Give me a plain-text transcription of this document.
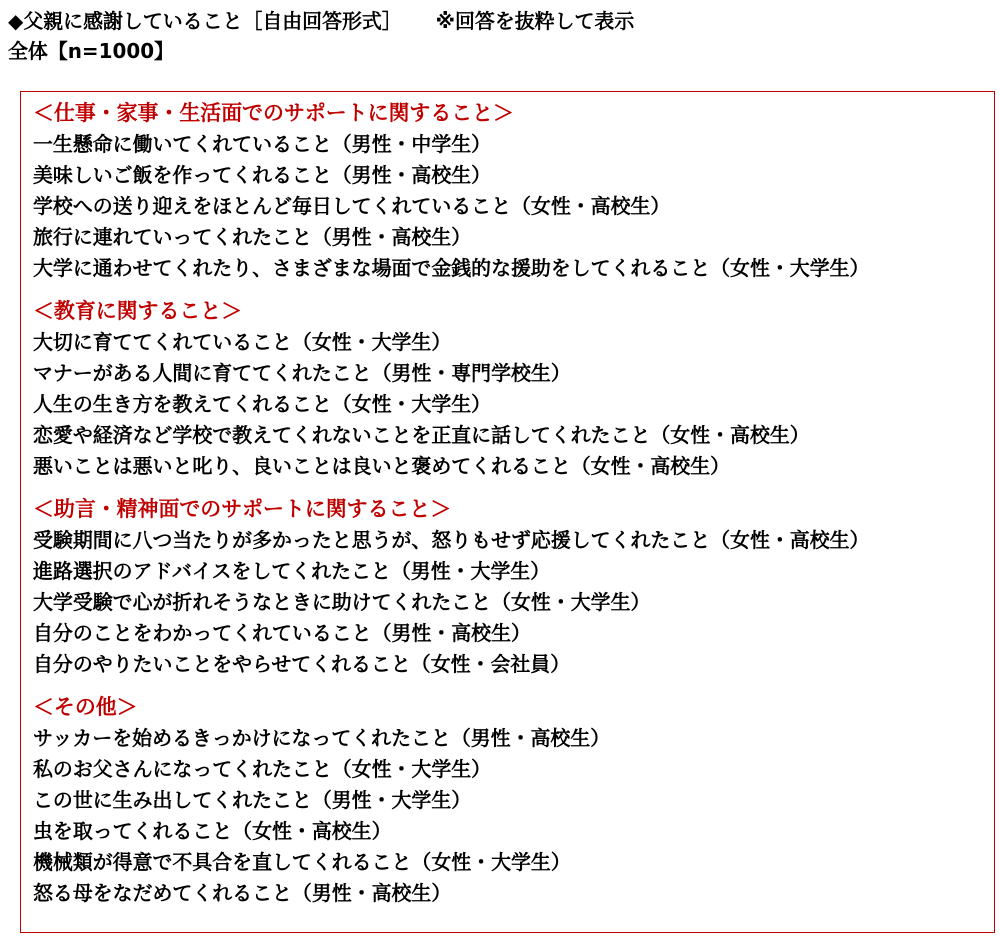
◆父親に感謝していること［自由回答形式］ ※回答を抜粋して表示
全体【n=1000】
＜仕事・家事・生活面でのサポートに関すること＞
一生懸命に働いてくれていること（男性・中学生）
美味しいご飯を作ってくれること（男性・高校生）
学校への送り迎えをほとんど毎日してくれていること（女性・高校生）
旅行に連れていってくれたこと（男性・高校生）
大学に通わせてくれたり、さまざまな場面で金銭的な援助をしてくれること（女性・大学生）
＜教育に関すること＞
大切に育ててくれていること（女性・大学生）
マナーがある人間に育ててくれたこと（男性・専門学校生）
人生の生き方を教えてくれること（女性・大学生）
恋愛や経済など学校で教えてくれないことを正直に話してくれたこと（女性・高校生）
悪いことは悪いと叱り、良いことは良いと褒めてくれること（女性・高校生）
＜助言・精神面でのサポートに関すること＞
受験期間に八つ当たりが多かったと思うが、怒りもせず応援してくれたこと（女性・高校生）
進路選択のアドバイスをしてくれたこと（男性・大学生）
大学受験で心が折れそうなときに助けてくれたこと（女性・大学生）
自分のことをわかってくれていること（男性・高校生）
自分のやりたいことをやらせてくれること（女性・会社員）
＜その他＞
サッカーを始めるきっかけになってくれたこと（男性・高校生）
私のお父さんになってくれたこと（女性・大学生）
この世に生み出してくれたこと（男性・大学生）
虫を取ってくれること（女性・高校生）
機械類が得意で不具合を直してくれること（女性・大学生）
怒る母をなだめてくれること（男性・高校生）
